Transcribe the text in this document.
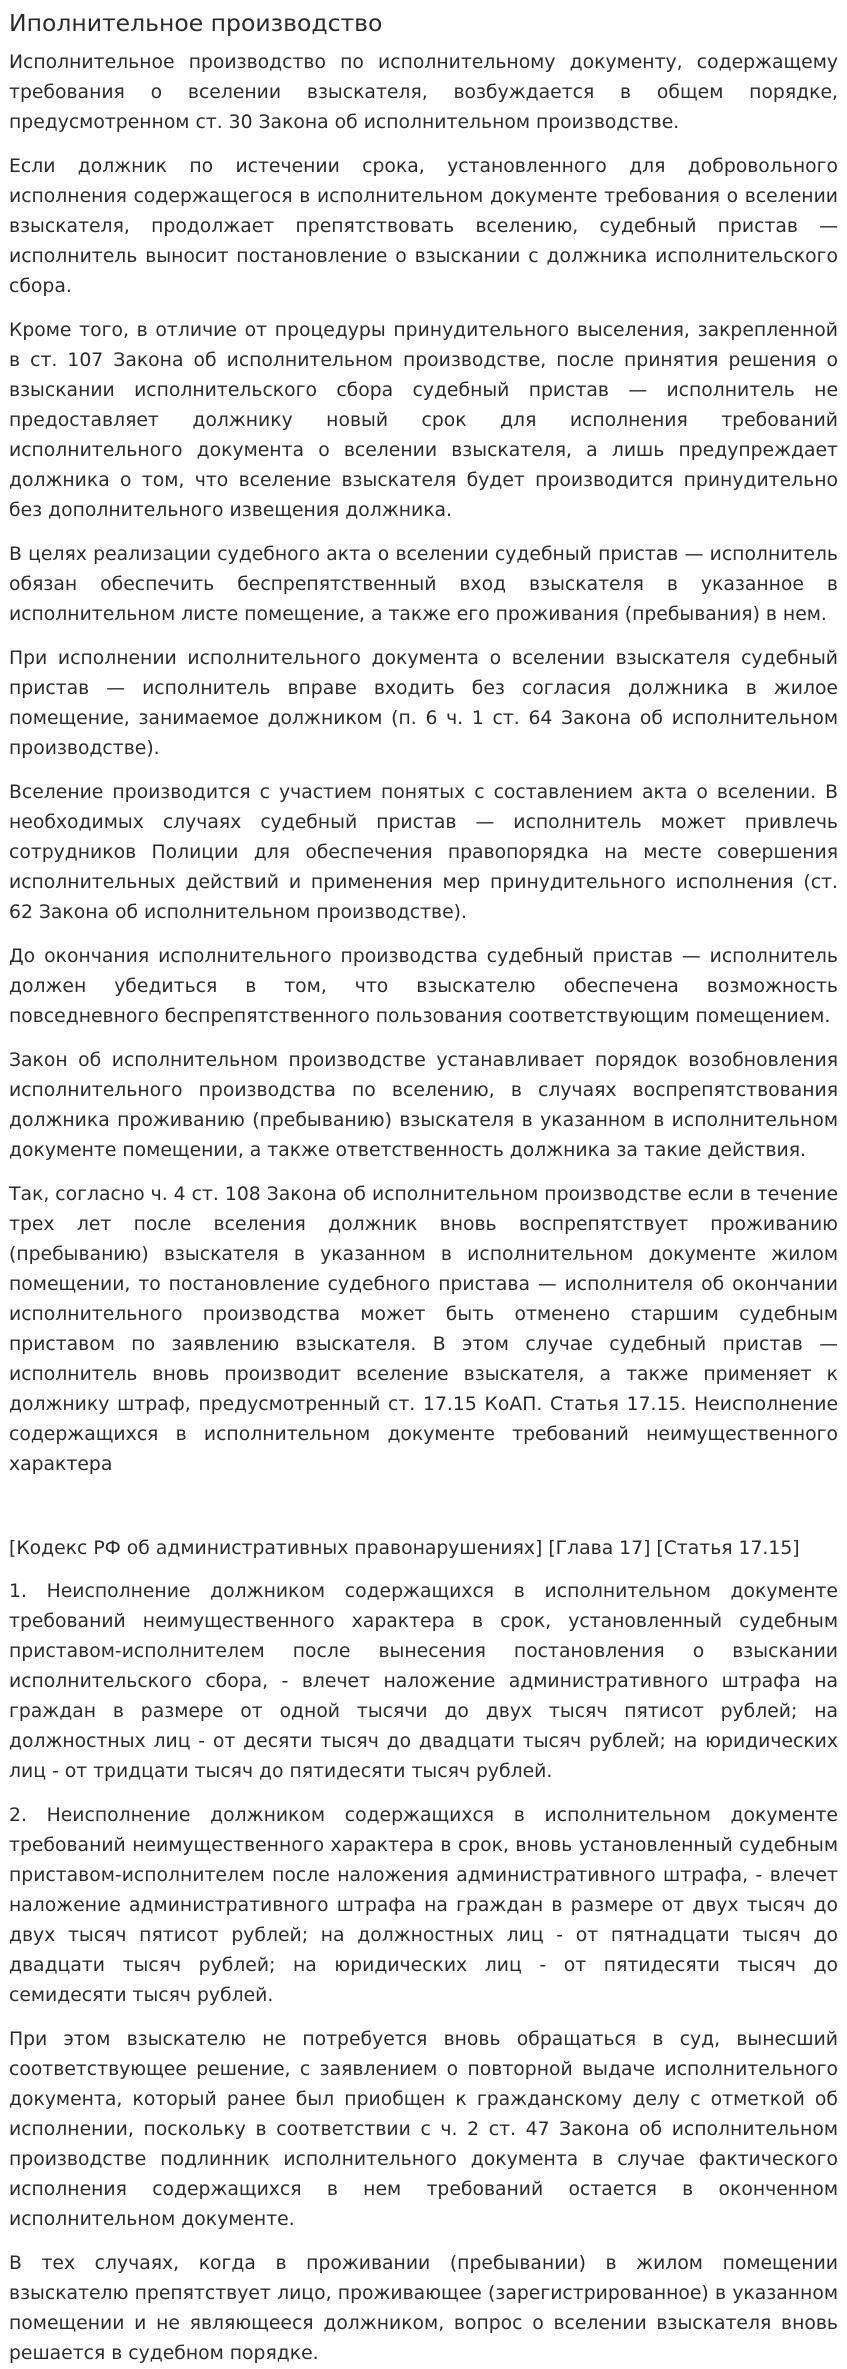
Иполнительное производство

Исполнительное производство по исполнительному документу, содержащему требования о вселении взыскателя, возбуждается в общем порядке, предусмотренном ст. 30 Закона об исполнительном производстве.

Если должник по истечении срока, установленного для добровольного исполнения содержащегося в исполнительном документе требования о вселении взыскателя, продолжает препятствовать вселению, судебный пристав — исполнитель выносит постановление о взыскании с должника исполнительского сбора.

Кроме того, в отличие от процедуры принудительного выселения, закрепленной в ст. 107 Закона об исполнительном производстве, после принятия решения о взыскании исполнительского сбора судебный пристав — исполнитель не предоставляет должнику новый срок для исполнения требований исполнительного документа о вселении взыскателя, а лишь предупреждает должника о том, что вселение взыскателя будет производится принудительно без дополнительного извещения должника.

В целях реализации судебного акта о вселении судебный пристав — исполнитель обязан обеспечить беспрепятственный вход взыскателя в указанное в исполнительном листе помещение, а также его проживания (пребывания) в нем.

При исполнении исполнительного документа о вселении взыскателя судебный пристав — исполнитель вправе входить без согласия должника в жилое помещение, занимаемое должником (п. 6 ч. 1 ст. 64 Закона об исполнительном производстве).

Вселение производится с участием понятых с составлением акта о вселении. В необходимых случаях судебный пристав — исполнитель может привлечь сотрудников Полиции для обеспечения правопорядка на месте совершения исполнительных действий и применения мер принудительного исполнения (ст. 62 Закона об исполнительном производстве).

До окончания исполнительного производства судебный пристав — исполнитель должен убедиться в том, что взыскателю обеспечена возможность повседневного беспрепятственного пользования соответствующим помещением.

Закон об исполнительном производстве устанавливает порядок возобновления исполнительного производства по вселению, в случаях воспрепятствования должника проживанию (пребыванию) взыскателя в указанном в исполнительном документе помещении, а также ответственность должника за такие действия.

Так, согласно ч. 4 ст. 108 Закона об исполнительном производстве если в течение трех лет после вселения должник вновь воспрепятствует проживанию (пребыванию) взыскателя в указанном в исполнительном документе жилом помещении, то постановление судебного пристава — исполнителя об окончании исполнительного производства может быть отменено старшим судебным приставом по заявлению взыскателя. В этом случае судебный пристав — исполнитель вновь производит вселение взыскателя, а также применяет к должнику штраф, предусмотренный ст. 17.15 КоАП. Статья 17.15. Неисполнение содержащихся в исполнительном документе требований неимущественного характера

[Кодекс РФ об административных правонарушениях] [Глава 17] [Статья 17.15]

1. Неисполнение должником содержащихся в исполнительном документе требований неимущественного характера в срок, установленный судебным приставом-исполнителем после вынесения постановления о взыскании исполнительского сбора, - влечет наложение административного штрафа на граждан в размере от одной тысячи до двух тысяч пятисот рублей; на должностных лиц - от десяти тысяч до двадцати тысяч рублей; на юридических лиц - от тридцати тысяч до пятидесяти тысяч рублей.

2. Неисполнение должником содержащихся в исполнительном документе требований неимущественного характера в срок, вновь установленный судебным приставом-исполнителем после наложения административного штрафа, - влечет наложение административного штрафа на граждан в размере от двух тысяч до двух тысяч пятисот рублей; на должностных лиц - от пятнадцати тысяч до двадцати тысяч рублей; на юридических лиц - от пятидесяти тысяч до семидесяти тысяч рублей.

При этом взыскателю не потребуется вновь обращаться в суд, вынесший соответствующее решение, с заявлением о повторной выдаче исполнительного документа, который ранее был приобщен к гражданскому делу с отметкой об исполнении, поскольку в соответствии с ч. 2 ст. 47 Закона об исполнительном производстве подлинник исполнительного документа в случае фактического исполнения содержащихся в нем требований остается в оконченном исполнительном документе.

В тех случаях, когда в проживании (пребывании) в жилом помещении взыскателю препятствует лицо, проживающее (зарегистрированное) в указанном помещении и не являющееся должником, вопрос о вселении взыскателя вновь решается в судебном порядке.
